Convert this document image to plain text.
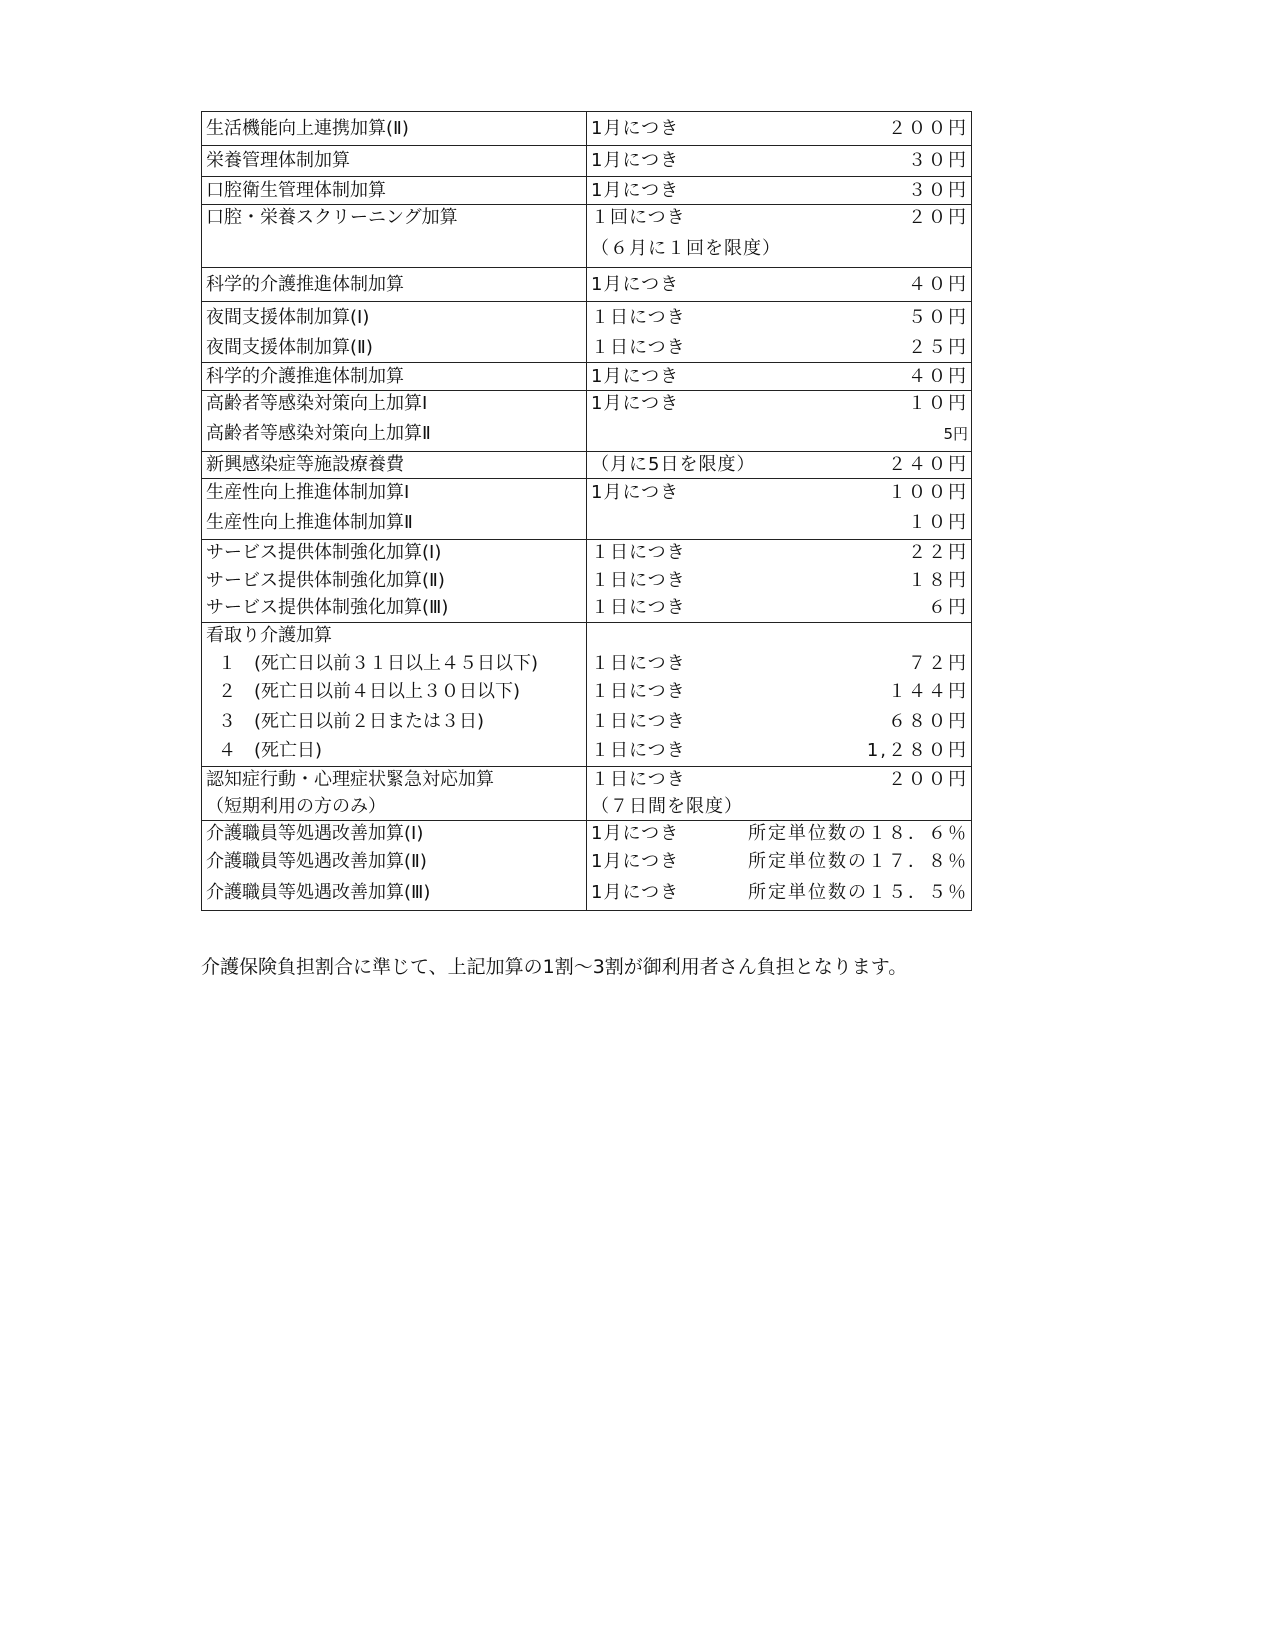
生活機能向上連携加算(Ⅱ)	1月につき ２００円

栄養管理体制加算	1月につき ３０円

口腔衛生管理体制加算	1月につき ３０円

口腔・栄養スクリーニング加算	１回につき ２０円

	（６月に１回を限度）

科学的介護推進体制加算	1月につき ４０円

夜間支援体制加算(Ⅰ)	１日につき ５０円

夜間支援体制加算(Ⅱ)	１日につき ２５円

科学的介護推進体制加算	1月につき ４０円

高齢者等感染対策向上加算Ⅰ	1月につき １０円

高齢者等感染対策向上加算Ⅱ	5円

新興感染症等施設療養費	（月に5日を限度） ２４０円

生産性向上推進体制加算Ⅰ	1月につき １００円

生産性向上推進体制加算Ⅱ	１０円

サービス提供体制強化加算(Ⅰ)	１日につき ２２円

サービス提供体制強化加算(Ⅱ)	１日につき １８円

サービス提供体制強化加算(Ⅲ)	１日につき ６円

看取り介護加算	

１　(死亡日以前３１日以上４５日以下)	１日につき ７２円

２　(死亡日以前４日以上３０日以下)	１日につき １４４円

３　(死亡日以前２日または３日)	１日につき ６８０円

４　(死亡日)	１日につき 1,２８０円

認知症行動・心理症状緊急対応加算	１日につき ２００円

（短期利用の方のみ）	（７日間を限度）

介護職員等処遇改善加算(Ⅰ)	1月につき 所定単位数の１８．６％

介護職員等処遇改善加算(Ⅱ)	1月につき 所定単位数の１７．８％

介護職員等処遇改善加算(Ⅲ)	1月につき 所定単位数の１５．５％
介護保険負担割合に準じて、上記加算の1割～3割が御利用者さん負担となります。
